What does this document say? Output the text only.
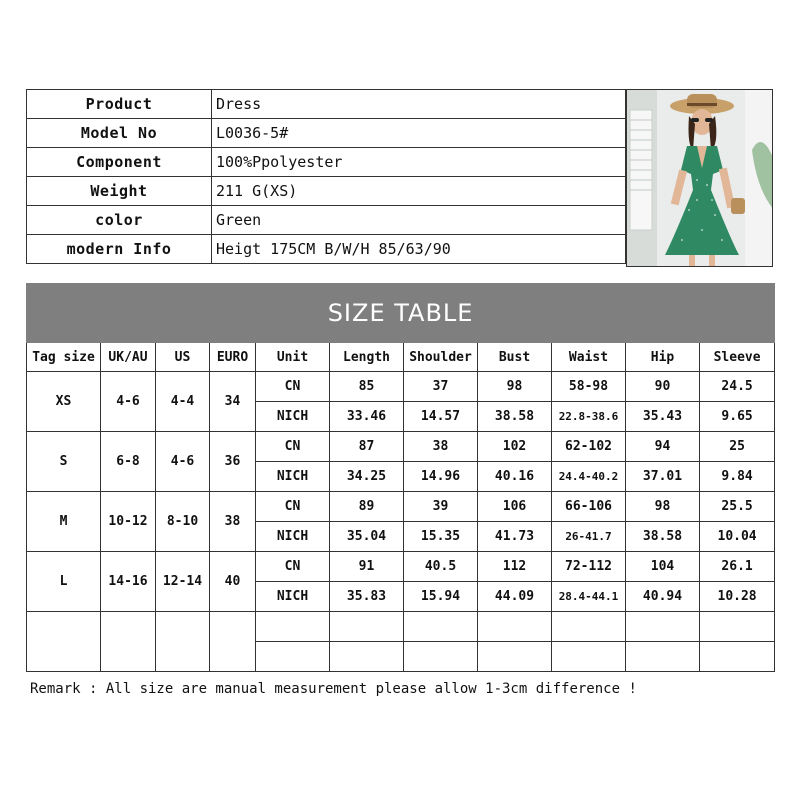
Product	Dress
Model No	L0036-5#
Component	100%Ppolyester
Weight	211 G(XS)
color	Green
modern Info	Heigt 175CM B/W/H 85/63/90
SIZE TABLE										
Tag size	UK/AU	US	EURO	Unit	Length	Shoulder	Bust	Waist	Hip	Sleeve
XS	4-6	4-4	34	CN	85	37	98	58-98	90	24.5
				NICH	33.46	14.57	38.58	22.8-38.6	35.43	9.65
S	6-8	4-6	36	CN	87	38	102	62-102	94	25
				NICH	34.25	14.96	40.16	24.4-40.2	37.01	9.84
M	10-12	8-10	38	CN	89	39	106	66-106	98	25.5
				NICH	35.04	15.35	41.73	26-41.7	38.58	10.04
L	14-16	12-14	40	CN	91	40.5	112	72-112	104	26.1
				NICH	35.83	15.94	44.09	28.4-44.1	40.94	10.28

Remark : All size are manual measurement please allow 1-3cm difference !
